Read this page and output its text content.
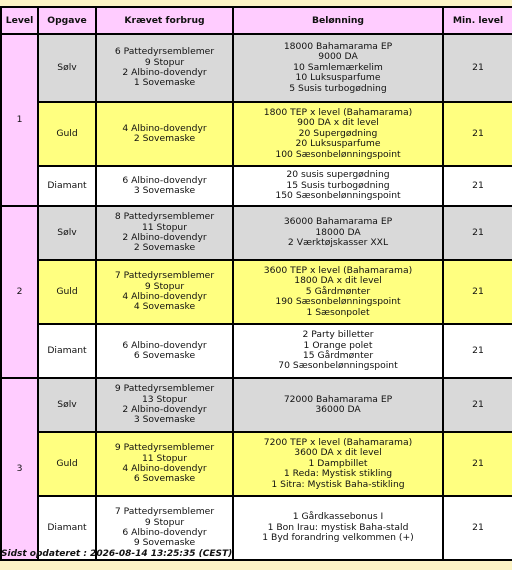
Level	Opgave	Krævet forbrug	Belønning	Min. level
1	Sølv	6 Pattedyrsemblemer
9 Stopur
2 Albino-dovendyr
1 Sovemaske	18000 Bahamarama EP
9000 DA
10 Samlemærkelim
10 Luksusparfume
5 Susis turbogødning	21
	Guld	4 Albino-dovendyr
2 Sovemaske	1800 TEP x level (Bahamarama)
900 DA x dit level
20 Supergødning
20 Luksusparfume
100 Sæsonbelønningspoint	21
	Diamant	6 Albino-dovendyr
3 Sovemaske	20 susis supergødning
15 Susis turbogødning
150 Sæsonbelønningspoint	21
2	Sølv	8 Pattedyrsemblemer
11 Stopur
2 Albino-dovendyr
2 Sovemaske	36000 Bahamarama EP
18000 DA
2 Værktøjskasser XXL	21
	Guld	7 Pattedyrsemblemer
9 Stopur
4 Albino-dovendyr
4 Sovemaske	3600 TEP x level (Bahamarama)
1800 DA x dit level
5 Gårdmønter
190 Sæsonbelønningspoint
1 Sæsonpolet	21
	Diamant	6 Albino-dovendyr
6 Sovemaske	2 Party billetter
1 Orange polet
15 Gårdmønter
70 Sæsonbelønningspoint	21
3	Sølv	9 Pattedyrsemblemer
13 Stopur
2 Albino-dovendyr
3 Sovemaske	72000 Bahamarama EP
36000 DA	21
	Guld	9 Pattedyrsemblemer
11 Stopur
4 Albino-dovendyr
6 Sovemaske	7200 TEP x level (Bahamarama)
3600 DA x dit level
1 Dampbillet
1 Reda: Mystisk stikling
1 Sitra: Mystisk Baha-stikling	21
	Diamant	7 Pattedyrsemblemer
9 Stopur
6 Albino-dovendyr
9 Sovemaske	1 Gårdkassebonus I
1 Bon Irau: mystisk Baha-stald
1 Byd forandring velkommen (+)	21
Sidst opdateret : 2026-08-14 13:25:35 (CEST)
